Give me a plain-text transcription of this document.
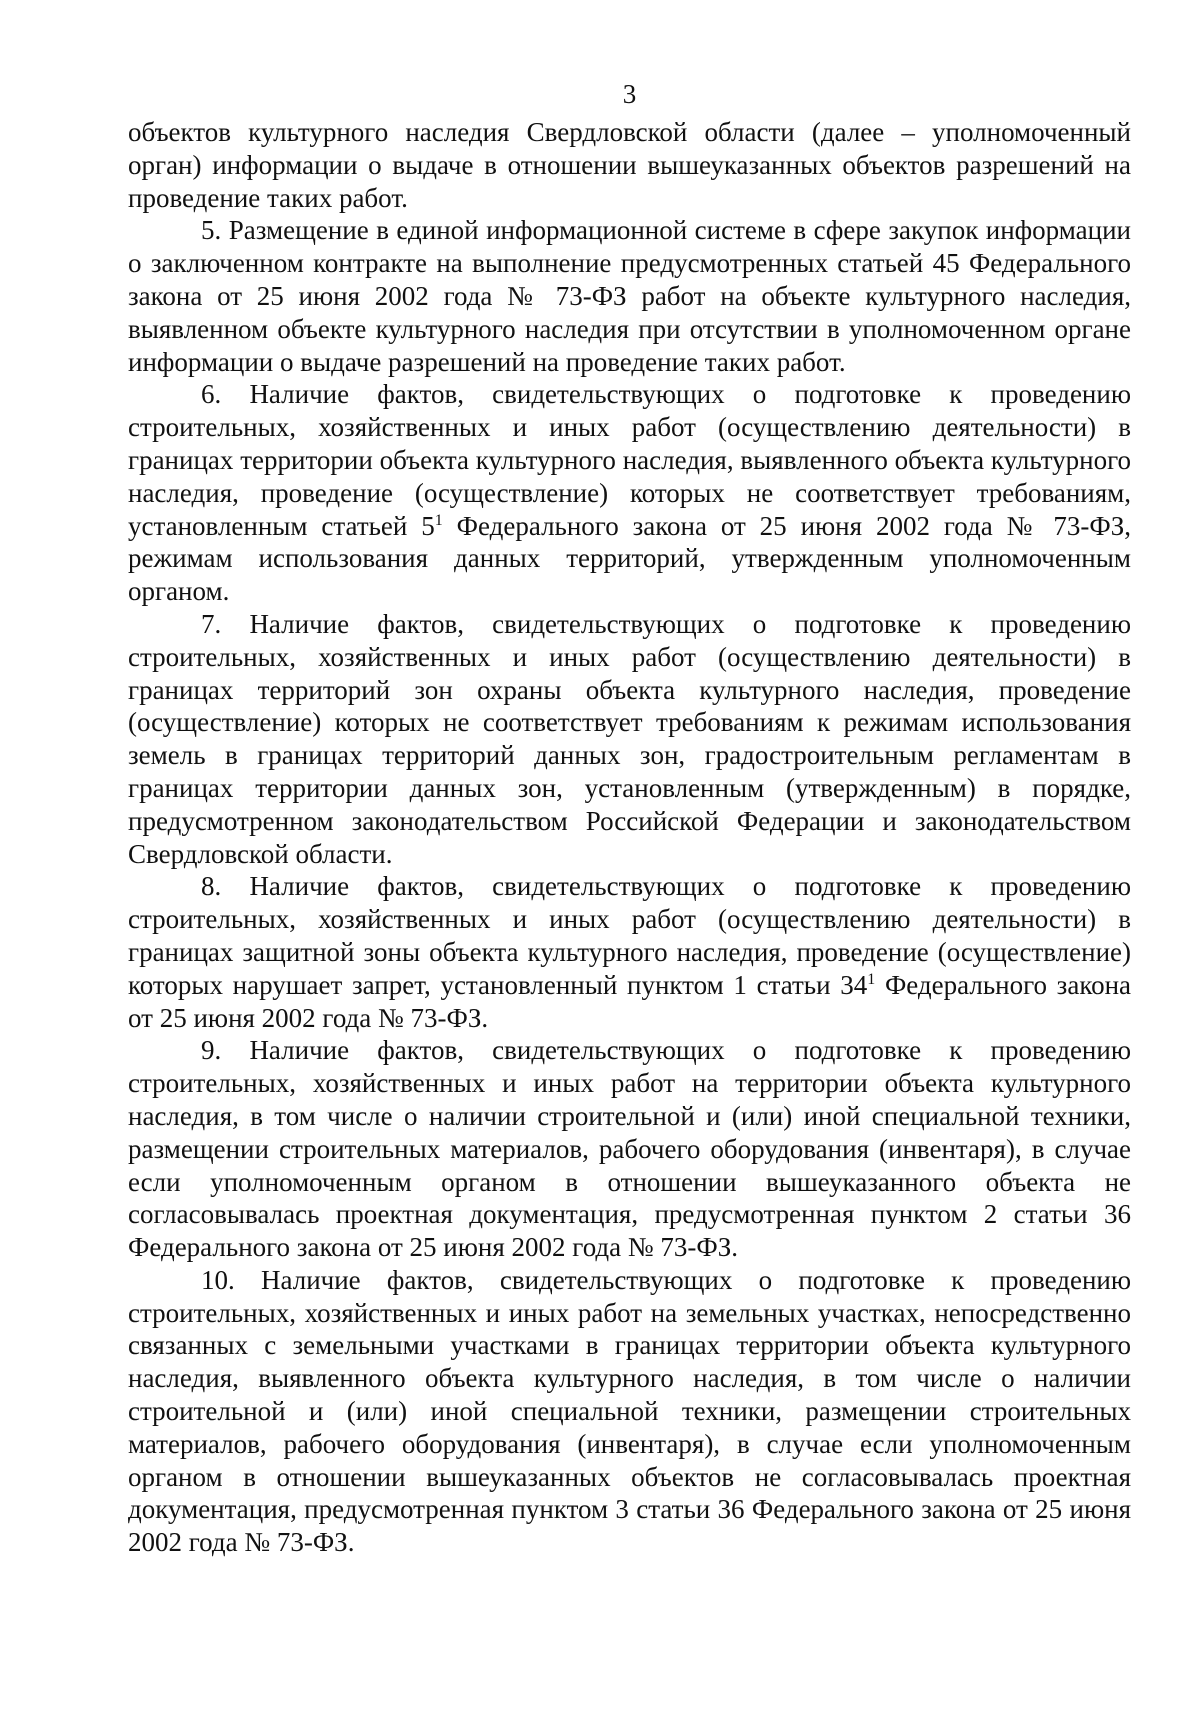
3

объектов культурного наследия Свердловской области (далее – уполномоченный орган) информации о выдаче в отношении вышеуказанных объектов разрешений на проведение таких работ.

5. Размещение в единой информационной системе в сфере закупок информации о заключенном контракте на выполнение предусмотренных статьей 45 Федерального закона от 25 июня 2002 года № 73-ФЗ работ на объекте культурного наследия, выявленном объекте культурного наследия при отсутствии в уполномоченном органе информации о выдаче разрешений на проведение таких работ.

6. Наличие фактов, свидетельствующих о подготовке к проведению строительных, хозяйственных и иных работ (осуществлению деятельности) в границах территории объекта культурного наследия, выявленного объекта культурного наследия, проведение (осуществление) которых не соответствует требованиям, установленным статьей $5^1$ Федерального закона от 25 июня 2002 года № 73-ФЗ, режимам использования данных территорий, утвержденным уполномоченным органом.

7. Наличие фактов, свидетельствующих о подготовке к проведению строительных, хозяйственных и иных работ (осуществлению деятельности) в границах территорий зон охраны объекта культурного наследия, проведение (осуществление) которых не соответствует требованиям к режимам использования земель в границах территорий данных зон, градостроительным регламентам в границах территории данных зон, установленным (утвержденным) в порядке, предусмотренном законодательством Российской Федерации и законодательством Свердловской области.

8. Наличие фактов, свидетельствующих о подготовке к проведению строительных, хозяйственных и иных работ (осуществлению деятельности) в границах защитной зоны объекта культурного наследия, проведение (осуществление) которых нарушает запрет, установленный пунктом 1 статьи $34^1$ Федерального закона от 25 июня 2002 года № 73-ФЗ.

9. Наличие фактов, свидетельствующих о подготовке к проведению строительных, хозяйственных и иных работ на территории объекта культурного наследия, в том числе о наличии строительной и (или) иной специальной техники, размещении строительных материалов, рабочего оборудования (инвентаря), в случае если уполномоченным органом в отношении вышеуказанного объекта не согласовывалась проектная документация, предусмотренная пунктом 2 статьи 36 Федерального закона от 25 июня 2002 года № 73-ФЗ.

10. Наличие фактов, свидетельствующих о подготовке к проведению строительных, хозяйственных и иных работ на земельных участках, непосредственно связанных с земельными участками в границах территории объекта культурного наследия, выявленного объекта культурного наследия, в том числе о наличии строительной и (или) иной специальной техники, размещении строительных материалов, рабочего оборудования (инвентаря), в случае если уполномоченным органом в отношении вышеуказанных объектов не согласовывалась проектная документация, предусмотренная пунктом 3 статьи 36 Федерального закона от 25 июня 2002 года № 73-ФЗ.
